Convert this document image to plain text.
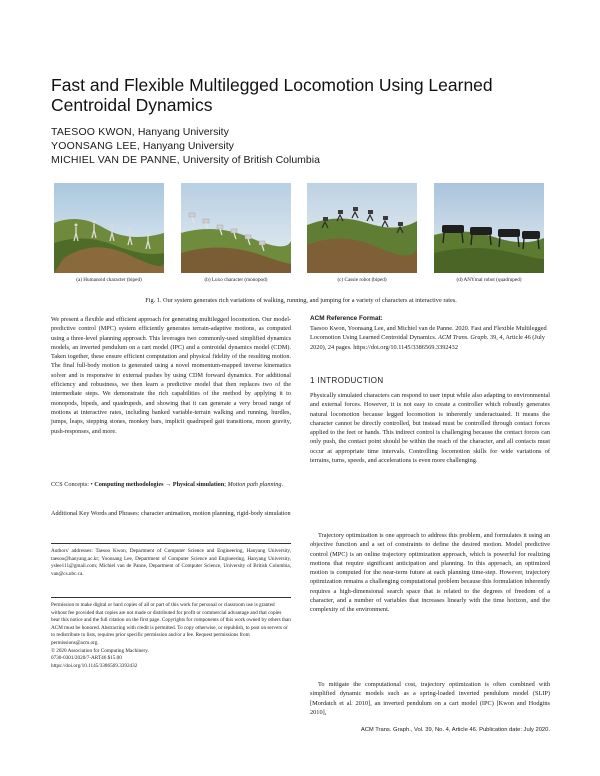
Fast and Flexible Multilegged Locomotion Using Learned Centroidal Dynamics
TAESOO KWON, Hanyang University
YOONSANG LEE, Hanyang University
MICHIEL VAN DE PANNE, University of British Columbia
(a) Humanoid character (biped)	(b) Luxo character (monopod)	(c) Cassie robot (biped)	(d) ANYmal robot (quadruped)
Fig. 1. Our system generates rich variations of walking, running, and jumping for a variety of characters at interactive rates.

We present a flexible and efficient approach for generating multilegged locomotion. Our model-predictive control (MPC) system efficiently generates terrain-adaptive motions, as computed using a three-level planning approach. This leverages two commonly-used simplified dynamics models, an inverted pendulum on a cart model (IPC) and a centroidal dynamics model (CDM). Taken together, these ensure efficient computation and physical fidelity of the resulting motion. The final full-body motion is generated using a novel momentum-mapped inverse kinematics solver and is responsive to external pushes by using CDM forward dynamics. For additional efficiency and robustness, we then learn a predictive model that then replaces two of the intermediate steps. We demonstrate the rich capabilities of the method by applying it to monopods, bipeds, and quadrupeds, and showing that it can generate a very broad range of motions at interactive rates, including banked variable-terrain walking and running, hurdles, jumps, leaps, stepping stones, monkey bars, implicit quadruped gait transitions, moon gravity, push-responses, and more.

CCS Concepts: • Computing methodologies → Physical simulation; Motion path planning.

Additional Key Words and Phrases: character animation, motion planning, rigid-body simulation

Authors' addresses: Taesoo Kwon, Department of Computer Science and Engineering, Hanyang University, taesoo@hanyang.ac.kr; Yoonsang Lee, Department of Computer Science and Engineering, Hanyang University, yslee111@gmail.com; Michiel van de Panne, Department of Computer Science, University of British Columbia, van@cs.ubc.ca.

Permission to make digital or hard copies of all or part of this work for personal or classroom use is granted without fee provided that copies are not made or distributed for profit or commercial advantage and that copies bear this notice and the full citation on the first page. Copyrights for components of this work owned by others than ACM must be honored. Abstracting with credit is permitted. To copy otherwise, or republish, to post on servers or to redistribute to lists, requires prior specific permission and/or a fee. Request permissions from permissions@acm.org.
© 2020 Association for Computing Machinery.
0730-0301/2020/7-ART46 $15.00
https://doi.org/10.1145/3386569.3392432
ACM Reference Format:

Taesoo Kwon, Yoonsang Lee, and Michiel van de Panne. 2020. Fast and Flexible Multilegged Locomotion Using Learned Centroidal Dynamics. ACM Trans. Graph. 39, 4, Article 46 (July 2020), 24 pages. https://doi.org/10.1145/3386569.3392432

1 INTRODUCTION

Physically simulated characters can respond to user input while also adapting to environmental and external forces. However, it is not easy to create a controller which robustly generates natural locomotion because legged locomotion is inherently underactuated. It means the character cannot be directly controlled, but instead must be controlled through contact forces applied to the feet or hands. This indirect control is challenging because the contact forces can only push, the contact point should be within the reach of the character, and all contacts must occur at appropriate time intervals. Controlling locomotion skills for wide variations of terrains, turns, speeds, and accelerations is even more challenging.

Trajectory optimization is one approach to address this problem, and formulates it using an objective function and a set of constraints to define the desired motion. Model predictive control (MPC) is an online trajectory optimization approach, which is powerful for realizing motions that require significant anticipation and planning. In this approach, an optimized motion is computed for the near-term future at each planning time-step. However, trajectory optimization remains a challenging computational problem because this formulation inherently requires a high-dimensional search space that is related to the degrees of freedom of a character, and a number of variables that increases linearly with the time horizon, and the complexity of the environment.

To mitigate the computational cost, trajectory optimization is often combined with simplified dynamic models such as a spring-loaded inverted pendulum model (SLIP) [Mordatch et al. 2010], an inverted pendulum on a cart model (IPC) [Kwon and Hodgins 2010],

ACM Trans. Graph., Vol. 39, No. 4, Article 46. Publication date: July 2020.
